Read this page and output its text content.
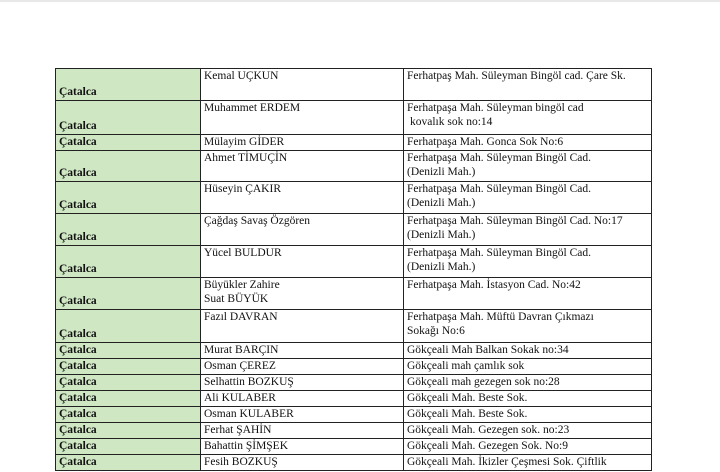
Çatalca	Kemal UÇKUN	Ferhatpaş Mah. Süleyman Bingöl cad. Çare Sk.

Çatalca	Muhammet ERDEM	Ferhatpaşa Mah. Süleyman bingöl cad
kovalık sok no:14

Çatalca	Mülayim GİDER	Ferhatpaşa Mah. Gonca Sok No:6

Çatalca	Ahmet TİMUÇİN	Ferhatpaşa Mah. Süleyman Bingöl Cad.
(Denizli Mah.)

Çatalca	Hüseyin ÇAKIR	Ferhatpaşa Mah. Süleyman Bingöl Cad.
(Denizli Mah.)

Çatalca	Çağdaş Savaş Özgören	Ferhatpaşa Mah. Süleyman Bingöl Cad. No:17
(Denizli Mah.)

Çatalca	Yücel BULDUR	Ferhatpaşa Mah. Süleyman Bingöl Cad.
(Denizli Mah.)

Çatalca	Büyükler Zahire
Suat BÜYÜK	Ferhatpaşa Mah. İstasyon Cad. No:42

Çatalca	Fazıl DAVRAN	Ferhatpaşa Mah. Müftü Davran Çıkmazı
Sokağı No:6

Çatalca	Murat BARÇIN	Gökçeali Mah Balkan Sokak no:34

Çatalca	Osman ÇEREZ	Gökçeali mah çamlık sok

Çatalca	Selhattin BOZKUŞ	Gökçeali mah gezegen sok no:28

Çatalca	Ali KULABER	Gökçeali Mah. Beste Sok.

Çatalca	Osman KULABER	Gökçeali Mah. Beste Sok.

Çatalca	Ferhat ŞAHİN	Gökçeali Mah. Gezegen sok. no:23

Çatalca	Bahattin ŞİMŞEK	Gökçeali Mah. Gezegen Sok. No:9

Çatalca	Fesih BOZKUŞ	Gökçeali Mah. İkizler Çeşmesi Sok. Çiftlik
